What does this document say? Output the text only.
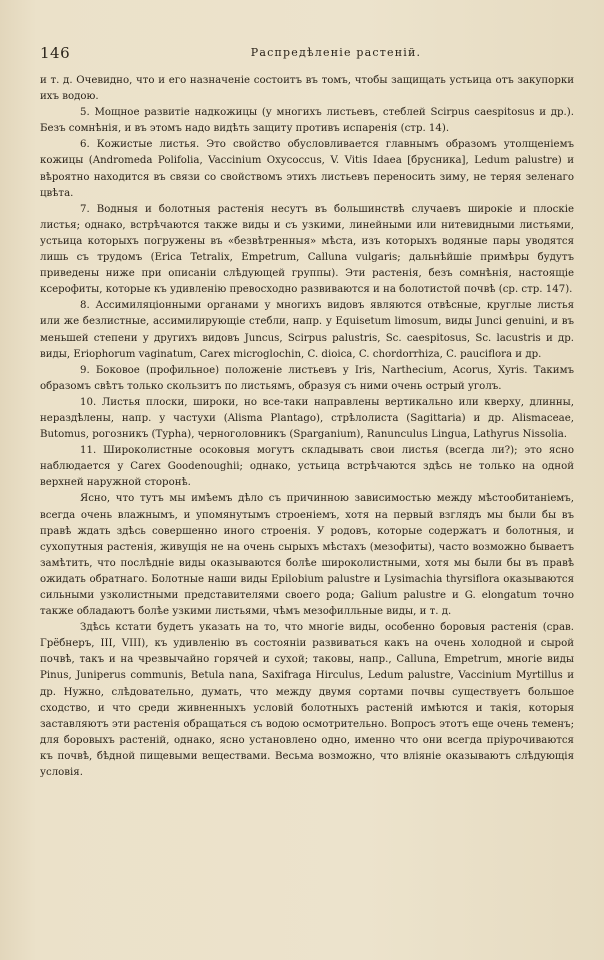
146	Распредѣленіе растеній.

и т. д. Очевидно, что и его назначеніе состоитъ въ томъ, чтобы защищать устьица отъ закупорки ихъ водою.

5. Мощное развитіе надкожицы (у многихъ листьевъ, стеблей Scirpus caespitosus и др.). Безъ сомнѣнія, и въ этомъ надо видѣть защиту противъ испаренія (стр. 14).

6. Кожистые листья. Это свойство обусловливается главнымъ образомъ утолщеніемъ кожицы (Andromeda Polifolia, Vaccinium Oxycoccus, V. Vitis Idaea [брусника], Ledum palustre) и вѣроятно находится въ связи со свойствомъ этихъ листьевъ переносить зиму, не теряя зеленаго цвѣта.

7. Водныя и болотныя растенія несутъ въ большинствѣ случаевъ широкіе и плоскіе листья; однако, встрѣчаются также виды и съ узкими, линейными или нитевидными листьями, устьица которыхъ погружены въ «безвѣтренныя» мѣста, изъ которыхъ водяные пары уводятся лишь съ трудомъ (Erica Tetralix, Empetrum, Calluna vulgaris; дальнѣйшіе примѣры будутъ приведены ниже при описаніи слѣдующей группы). Эти растенія, безъ сомнѣнія, настоящіе ксерофиты, которые къ удивленію превосходно развиваются и на болотистой почвѣ (ср. стр. 147).

8. Ассимиляціонными органами у многихъ видовъ являются отвѣсные, круглые листья или же безлистные, ассимилирующіе стебли, напр. у Equisetum limosum, виды Junci genuini, и въ меньшей степени у другихъ видовъ Juncus, Scirpus palustris, Sc. caespitosus, Sc. lacustris и др. виды, Eriophorum vaginatum, Carex microglochin, C. dioica, C. chordorrhiza, C. pauciflora и др.

9. Боковое (профильное) положеніе листьевъ у Iris, Narthecium, Acorus, Xyris. Такимъ образомъ свѣтъ только скользитъ по листьямъ, образуя съ ними очень острый уголъ.

10. Листья плоски, широки, но все-таки направлены вертикально или кверху, длинны, нераздѣлены, напр. у частухи (Alisma Plantago), стрѣлолиста (Sagittaria) и др. Alismaceae, Butomus, рогозникъ (Typha), черноголовникъ (Sparganium), Ranunculus Lingua, Lathyrus Nissolia.

11. Широколистные осоковыя могутъ складывать свои листья (всегда ли?); это ясно наблюдается у Carex Goodenoughii; однако, устьица встрѣчаются здѣсь не только на одной верхней наружной сторонѣ.

Ясно, что тутъ мы имѣемъ дѣло съ причинною зависимостью между мѣстообитаніемъ, всегда очень влажнымъ, и упомянутымъ строеніемъ, хотя на первый взглядъ мы были бы въ правѣ ждать здѣсь совершенно иного строенія. У родовъ, которые содержатъ и болотныя, и сухопутныя растенія, живущія не на очень сырыхъ мѣстахъ (мезофиты), часто возможно бываетъ замѣтить, что послѣдніе виды оказываются болѣе широколистными, хотя мы были бы въ правѣ ожидать обратнаго. Болотные наши виды Epilobium palustre и Lysimachia thyrsiflora оказываются сильными узколистными представителями своего рода; Galium palustre и G. elongatum точно также обладаютъ болѣе узкими листьями, чѣмъ мезофилльные виды, и т. д.

Здѣсь кстати будетъ указать на то, что многіе виды, особенно боровыя растенія (срав. Грёбнеръ, III, VIII), къ удивленію въ состояніи развиваться какъ на очень холодной и сырой почвѣ, такъ и на чрезвычайно горячей и сухой; таковы, напр., Calluna, Empetrum, многіе виды Pinus, Juniperus communis, Betula nana, Saxifraga Hirculus, Ledum palustre, Vaccinium Myrtillus и др. Нужно, слѣдовательно, думать, что между двумя сортами почвы существуетъ большое сходство, и что среди живненныхъ условій болотныхъ растеній имѣются и такія, которыя заставляютъ эти растенія обращаться съ водою осмотрительно. Вопросъ этотъ еще очень теменъ; для боровыхъ растеній, однако, ясно установлено одно, именно что они всегда пріурочиваются къ почвѣ, бѣдной пищевыми веществами. Весьма возможно, что вліяніе оказываютъ слѣдующія условія.
